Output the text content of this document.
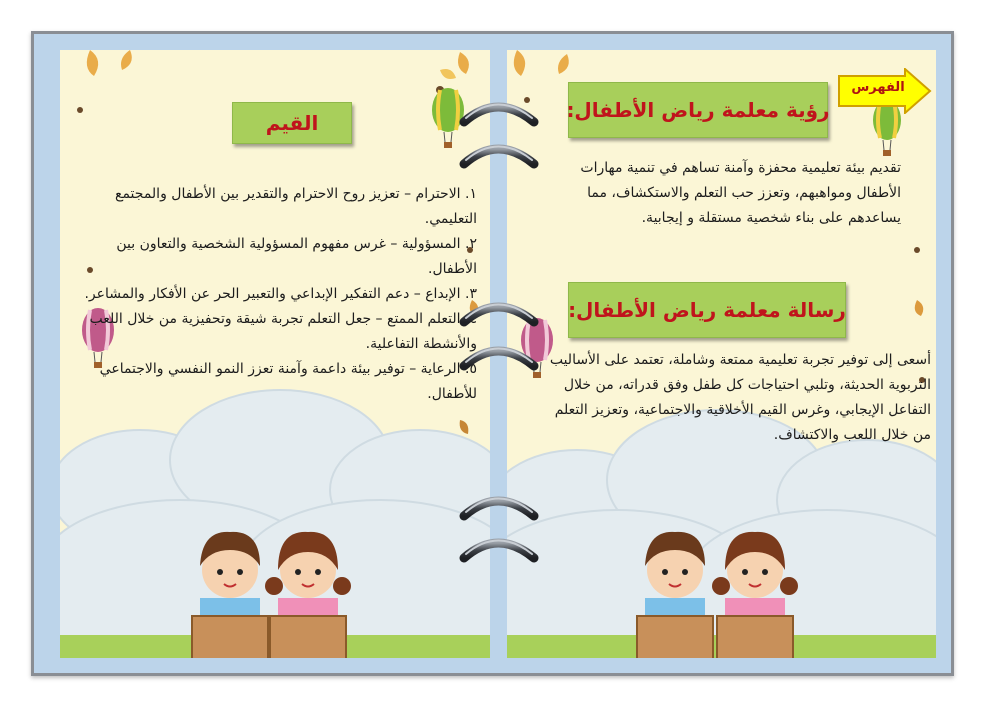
القيم

١. الاحترام – تعزيز روح الاحترام والتقدير بين الأطفال والمجتمع التعليمي.

٢. المسؤولية – غرس مفهوم المسؤولية الشخصية والتعاون بين الأطفال.

٣. الإبداع – دعم التفكير الإبداعي والتعبير الحر عن الأفكار والمشاعر.

٤. التعلم الممتع – جعل التعلم تجربة شيقة وتحفيزية من خلال اللعب والأنشطة التفاعلية.

٥. الرعاية – توفير بيئة داعمة وآمنة تعزز النمو النفسي والاجتماعي للأطفال.

رؤية معلمة رياض الأطفال:
تقديم بيئة تعليمية محفزة وآمنة تساهم في تنمية مهارات الأطفال ومواهبهم، وتعزز حب التعلم والاستكشاف، مما يساعدهم على بناء شخصية مستقلة و إيجابية.
رسالة معلمة رياض الأطفال:
أسعى إلى توفير تجربة تعليمية ممتعة وشاملة، تعتمد على الأساليب التربوية الحديثة، وتلبي احتياجات كل طفل وفق قدراته، من خلال التفاعل الإيجابي، وغرس القيم الأخلاقية والاجتماعية، وتعزيز التعلم من خلال اللعب والاكتشاف.
الفهرس
